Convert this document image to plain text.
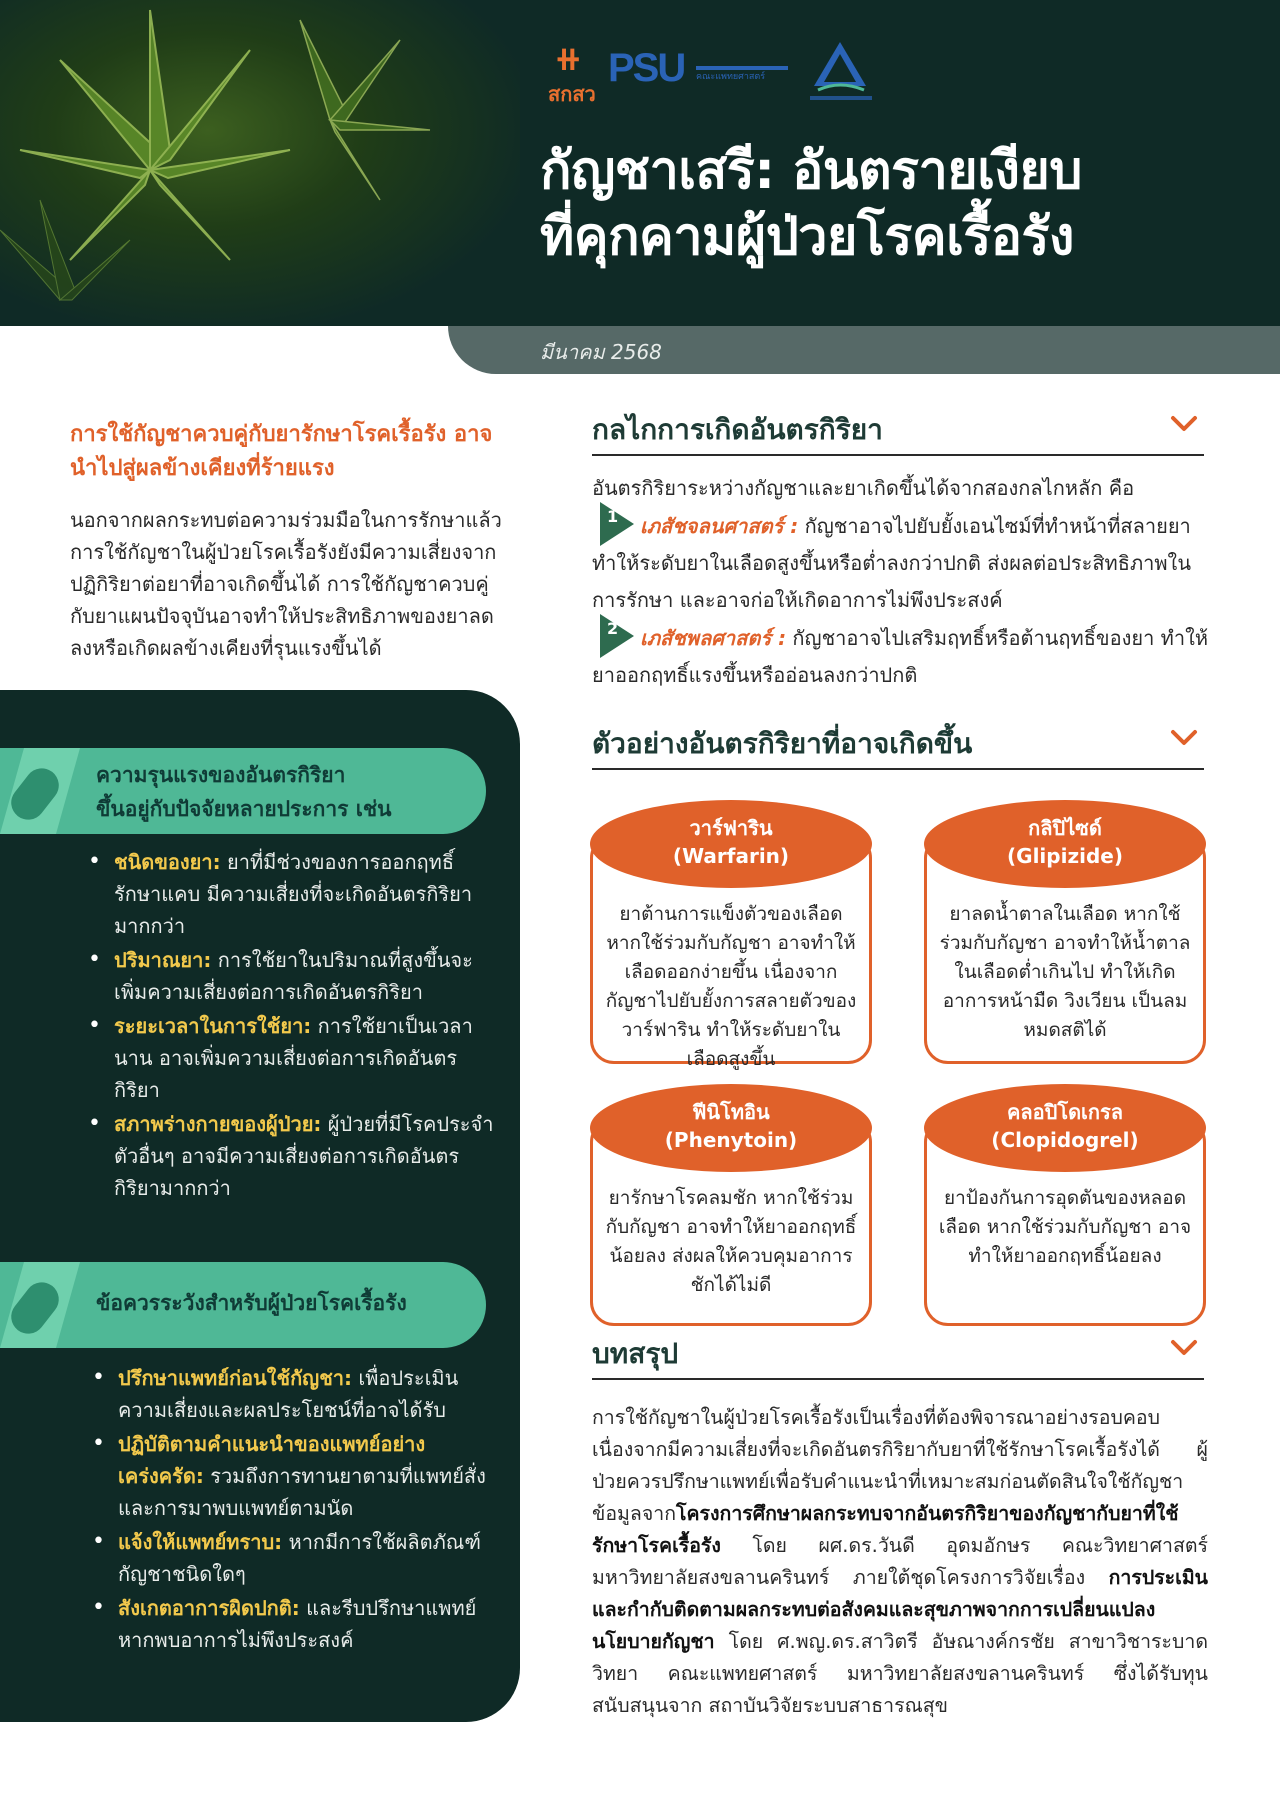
⧺
สกสว
PSU คณะแพทยศาสตร์
กัญชาเสรี: อันตรายเงียบ
ที่คุกคามผู้ป่วยโรคเรื้อรัง
มีนาคม 2568
การใช้กัญชาควบคู่กับยารักษาโรคเรื้อรัง อาจนำไปสู่ผลข้างเคียงที่ร้ายแรง
นอกจากผลกระทบต่อความร่วมมือในการรักษาแล้ว การใช้กัญชาในผู้ป่วยโรคเรื้อรังยังมีความเสี่ยงจากปฏิกิริยาต่อยาที่อาจเกิดขึ้นได้ การใช้กัญชาควบคู่กับยาแผนปัจจุบันอาจทำให้ประสิทธิภาพของยาลดลงหรือเกิดผลข้างเคียงที่รุนแรงขึ้นได้
ความรุนแรงของอันตรกิริยา
ขึ้นอยู่กับปัจจัยหลายประการ เช่น
• ชนิดของยา: ยาที่มีช่วงของการออกฤทธิ์รักษาแคบ มีความเสี่ยงที่จะเกิดอันตรกิริยามากกว่า
• ปริมาณยา: การใช้ยาในปริมาณที่สูงขึ้นจะเพิ่มความเสี่ยงต่อการเกิดอันตรกิริยา
• ระยะเวลาในการใช้ยา: การใช้ยาเป็นเวลานาน อาจเพิ่มความเสี่ยงต่อการเกิดอันตรกิริยา
• สภาพร่างกายของผู้ป่วย: ผู้ป่วยที่มีโรคประจำตัวอื่นๆ อาจมีความเสี่ยงต่อการเกิดอันตรกิริยามากกว่า
ข้อควรระวังสำหรับผู้ป่วยโรคเรื้อรัง
• ปรึกษาแพทย์ก่อนใช้กัญชา: เพื่อประเมินความเสี่ยงและผลประโยชน์ที่อาจได้รับ
• ปฏิบัติตามคำแนะนำของแพทย์อย่างเคร่งครัด: รวมถึงการทานยาตามที่แพทย์สั่ง และการมาพบแพทย์ตามนัด
• แจ้งให้แพทย์ทราบ: หากมีการใช้ผลิตภัณฑ์กัญชาชนิดใดๆ
• สังเกตอาการผิดปกติ: และรีบปรึกษาแพทย์หากพบอาการไม่พึงประสงค์
กลไกการเกิดอันตรกิริยา
อันตรกิริยาระหว่างกัญชาและยาเกิดขึ้นได้จากสองกลไกหลัก คือ
1 เภสัชจลนศาสตร์ : กัญชาอาจไปยับยั้งเอนไซม์ที่ทำหน้าที่สลายยา ทำให้ระดับยาในเลือดสูงขึ้นหรือต่ำลงกว่าปกติ ส่งผลต่อประสิทธิภาพในการรักษา และอาจก่อให้เกิดอาการไม่พึงประสงค์
2 เภสัชพลศาสตร์ : กัญชาอาจไปเสริมฤทธิ์หรือต้านฤทธิ์ของยา ทำให้ยาออกฤทธิ์แรงขึ้นหรืออ่อนลงกว่าปกติ
ตัวอย่างอันตรกิริยาที่อาจเกิดขึ้น
วาร์ฟาริน
(Warfarin)
ยาต้านการแข็งตัวของเลือด หากใช้ร่วมกับกัญชา อาจทำให้เลือดออกง่ายขึ้น เนื่องจากกัญชาไปยับยั้งการสลายตัวของวาร์ฟาริน ทำให้ระดับยาในเลือดสูงขึ้น
กลิปิไซด์
(Glipizide)
ยาลดน้ำตาลในเลือด หากใช้ร่วมกับกัญชา อาจทำให้น้ำตาลในเลือดต่ำเกินไป ทำให้เกิดอาการหน้ามืด วิงเวียน เป็นลมหมดสติได้
ฟีนิโทอิน
(Phenytoin)
ยารักษาโรคลมชัก หากใช้ร่วมกับกัญชา อาจทำให้ยาออกฤทธิ์น้อยลง ส่งผลให้ควบคุมอาการชักได้ไม่ดี
คลอปิโดเกรล
(Clopidogrel)
ยาป้องกันการอุดตันของหลอดเลือด หากใช้ร่วมกับกัญชา อาจทำให้ยาออกฤทธิ์น้อยลง
บทสรุป
การใช้กัญชาในผู้ป่วยโรคเรื้อรังเป็นเรื่องที่ต้องพิจารณาอย่างรอบคอบ เนื่องจากมีความเสี่ยงที่จะเกิดอันตรกิริยากับยาที่ใช้รักษาโรคเรื้อรังได้ ผู้ป่วยควรปรึกษาแพทย์เพื่อรับคำแนะนำที่เหมาะสมก่อนตัดสินใจใช้กัญชา ข้อมูลจากโครงการศึกษาผลกระทบจากอันตรกิริยาของกัญชากับยาที่ใช้รักษาโรคเรื้อรัง โดย ผศ.ดร.วันดี อุดมอักษร คณะวิทยาศาสตร์ มหาวิทยาลัยสงขลานครินทร์ ภายใต้ชุดโครงการวิจัยเรื่อง การประเมินและกำกับติดตามผลกระทบต่อสังคมและสุขภาพจากการเปลี่ยนแปลงนโยบายกัญชา โดย ศ.พญ.ดร.สาวิตรี อัษณางค์กรชัย สาขาวิชาระบาดวิทยา คณะแพทยศาสตร์ มหาวิทยาลัยสงขลานครินทร์ ซึ่งได้รับทุนสนับสนุนจาก สถาบันวิจัยระบบสาธารณสุข
